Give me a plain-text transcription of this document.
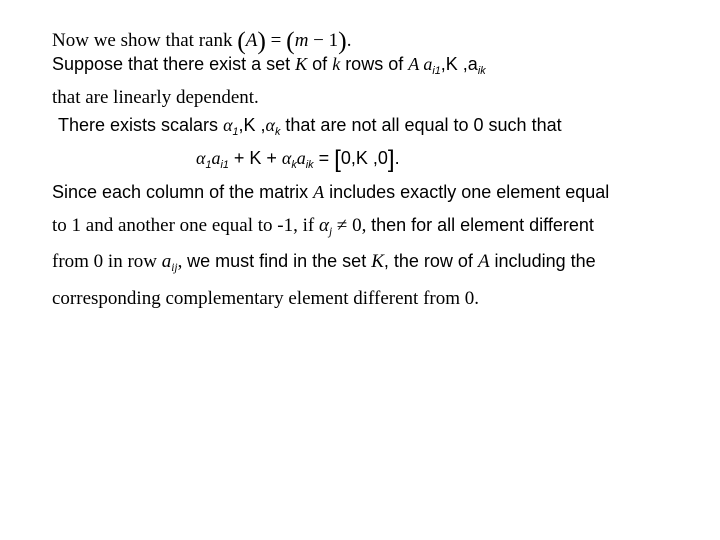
Now we show that rank (A) = (m − 1).
Suppose that there exist a set K of k rows of A $a_{i1},K$ $,a_{ik}$
that are linearly dependent.
There exists scalars $\alpha_1,K$ $,\alpha_k$ that are not all equal to 0 such that
$\alpha_1a_{i1} + K + \alpha_ka_{ik} = [0,K$ ,0].
Since each column of the matrix A includes exactly one element equal
to 1 and another one equal to -1, if $\alpha_j \ne 0$, then for all element different
from 0 in row $a_{ij}$, we must find in the set K, the row of A including the
corresponding complementary element different from 0.
